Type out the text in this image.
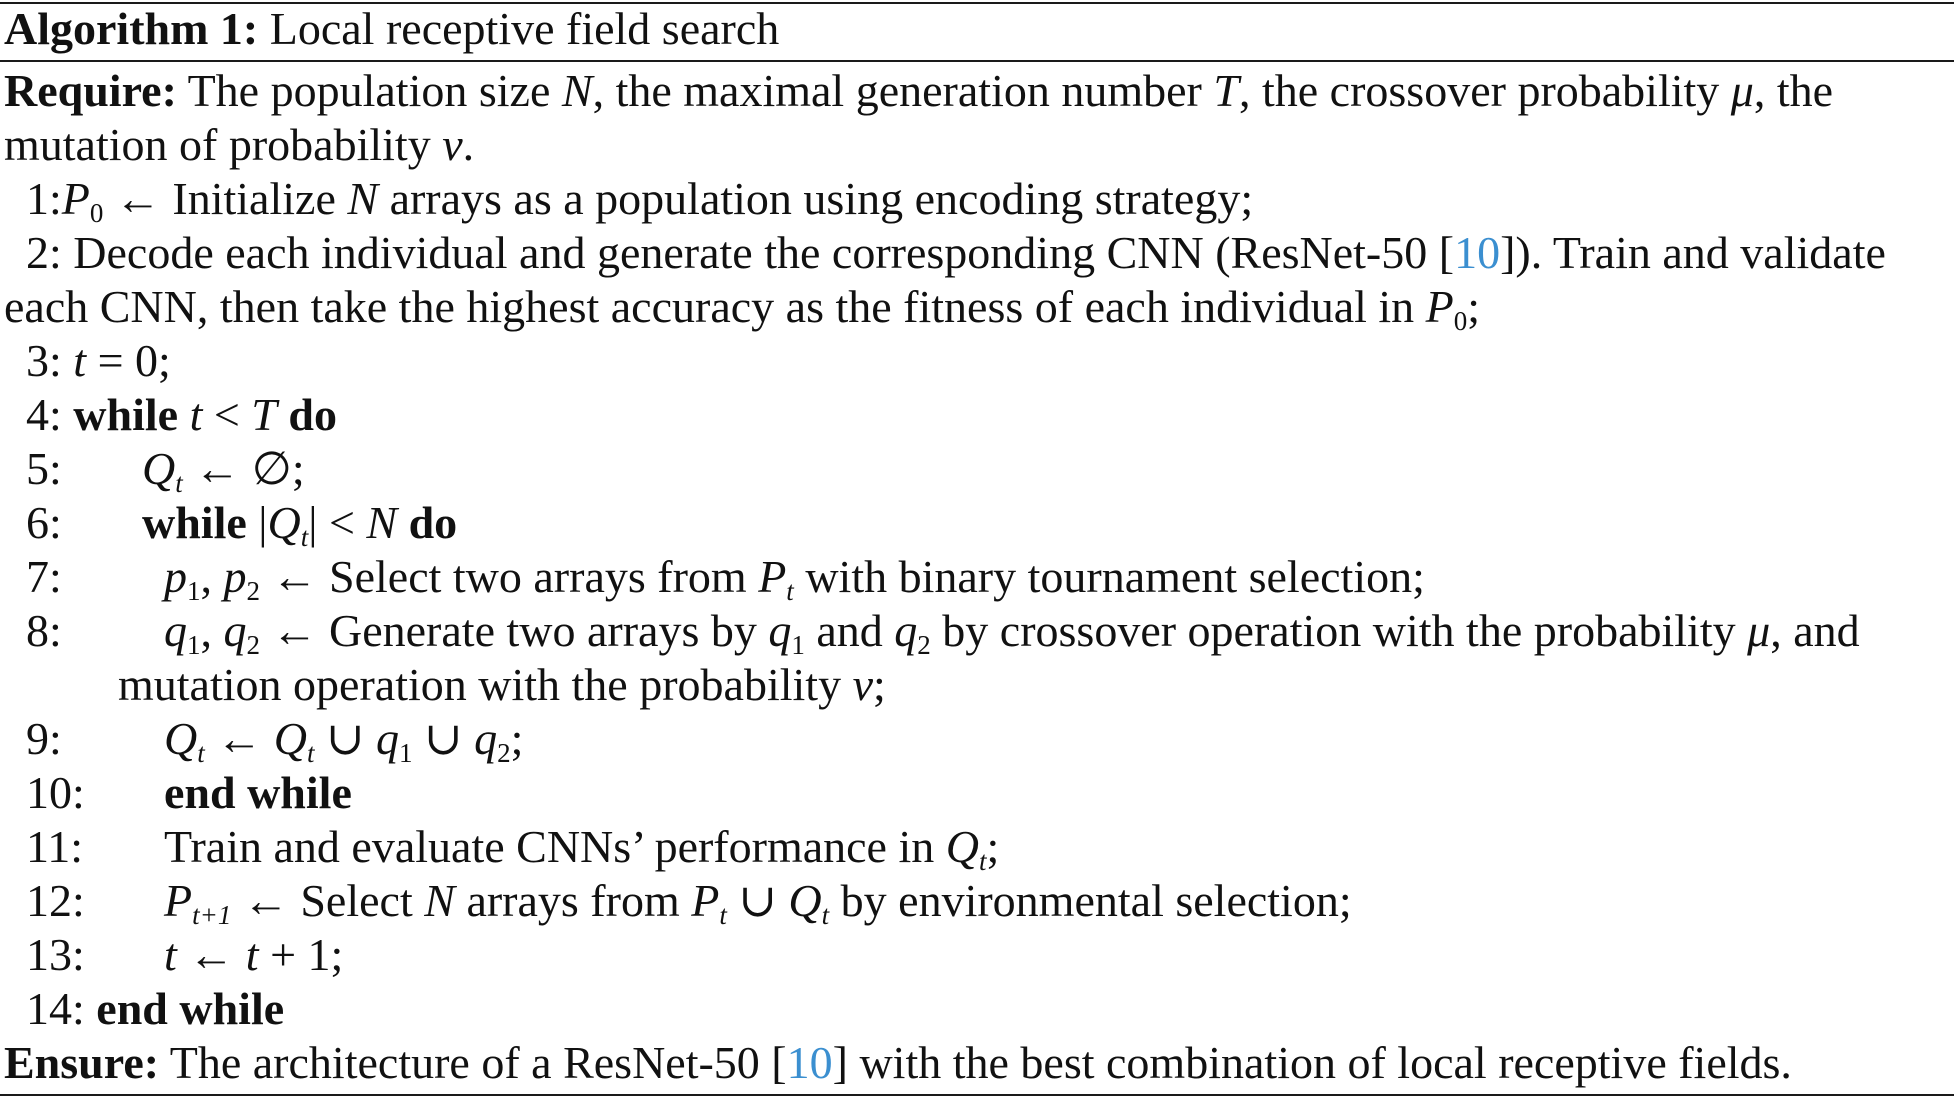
Algorithm 1: Local receptive field search
Require: The population size N, the maximal generation number T, the crossover probability μ, the
mutation of probability ν.
$1:P_0$ ← Initialize N arrays as a population using encoding strategy;
2: Decode each individual and generate the corresponding CNN (ResNet-50 [10]). Train and validate
each CNN, then take the highest accuracy as the fitness of each individual in $P_0$;
3: t = 0;
4: while t < T do
5: $Q_t$ ← ∅;
6: while $|Q_t| < N$ do
7: $p_1$, $p_2$ ← Select two arrays from $P_t$ with binary tournament selection;
8: $q_1$, $q_2$ ← Generate two arrays by $q_1$ and $q_2$ by crossover operation with the probability μ, and
mutation operation with the probability ν;
9: $Q_t$ ← $Q_t$ ∪ $q_1$ ∪ $q_2$;
10: end while
11: Train and evaluate CNNs’ performance in $Q_t$;
12: $P_{t+1}$ ← Select N arrays from $P_t$ ∪ $Q_t$ by environmental selection;
13: t ← t + 1;
14: end while
Ensure: The architecture of a ResNet-50 [10] with the best combination of local receptive fields.
